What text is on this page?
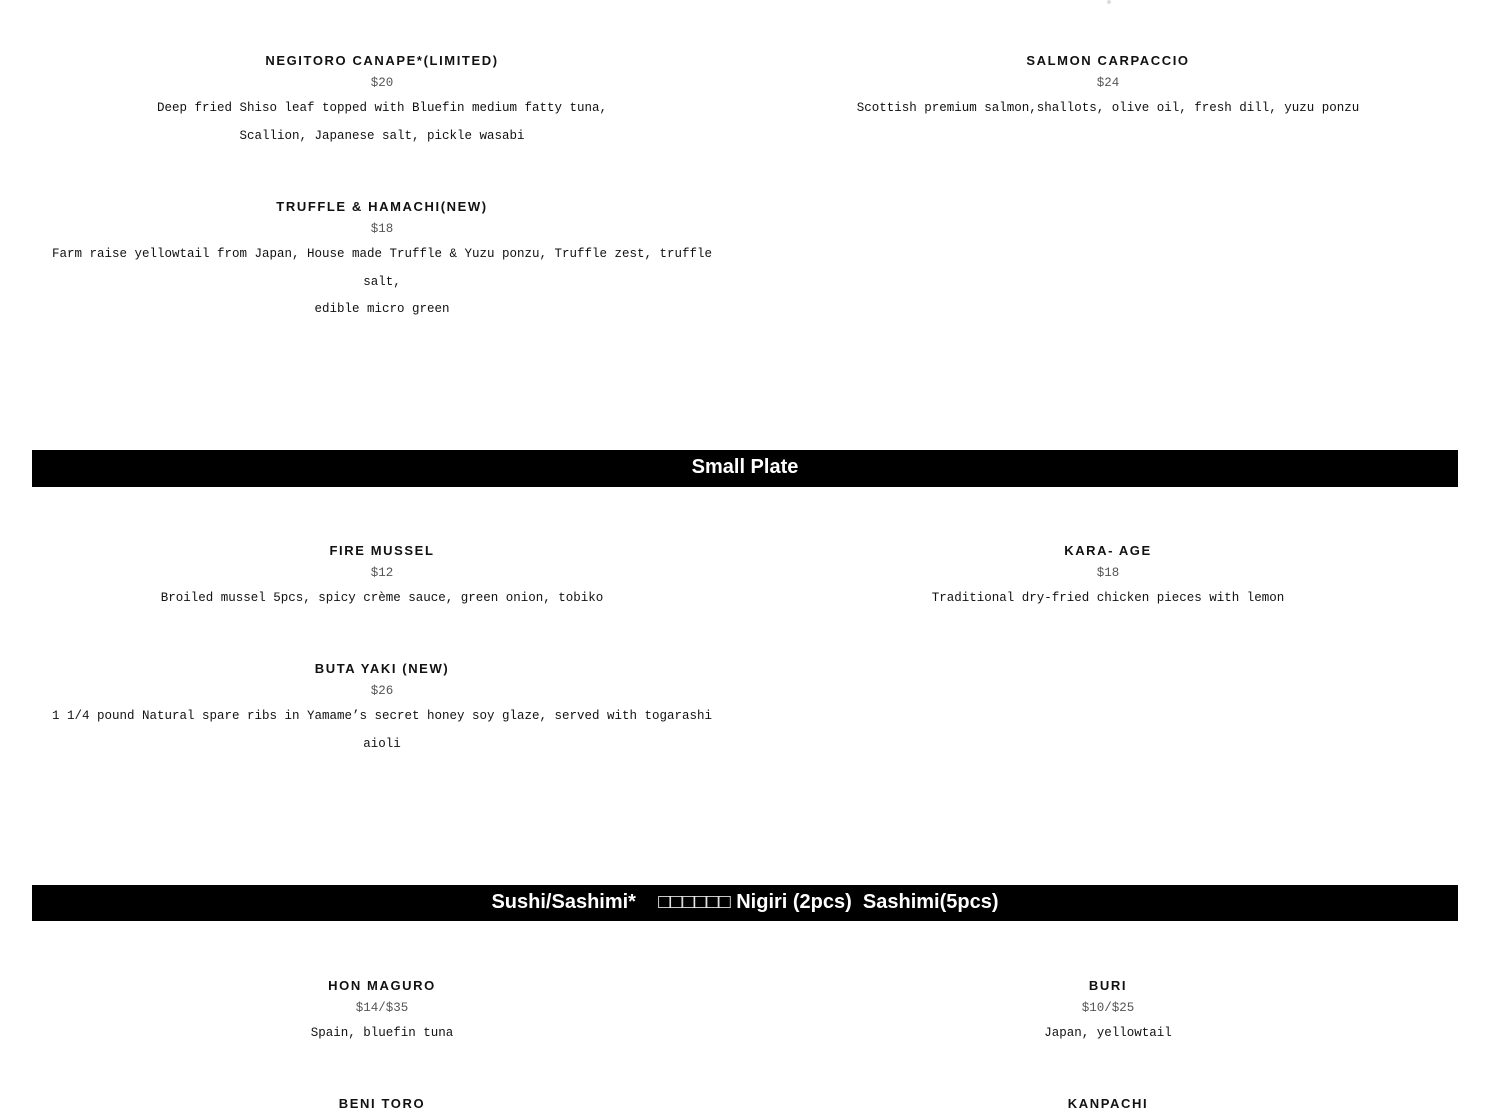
NEGITORO CANAPE*(LIMITED)
$20
Deep fried Shiso leaf topped with Bluefin medium fatty tuna,
Scallion, Japanese salt, pickle wasabi
SALMON CARPACCIO
$24
Scottish premium salmon,shallots, olive oil, fresh dill, yuzu ponzu
TRUFFLE & HAMACHI(NEW)
$18
Farm raise yellowtail from Japan, House made Truffle & Yuzu ponzu, Truffle zest, truffle salt,
edible micro green
Small Plate
FIRE MUSSEL
$12
Broiled mussel 5pcs, spicy crème sauce, green onion, tobiko
KARA- AGE
$18
Traditional dry-fried chicken pieces with lemon
BUTA YAKI (NEW)
$26
1 1/4 pound Natural spare ribs in Yamame’s secret honey soy glaze, served with togarashi aioli
Sushi/Sashimi*    □□□□□□ Nigiri (2pcs)  Sashimi(5pcs)
HON MAGURO
$14/$35
Spain, bluefin tuna
BURI
$10/$25
Japan, yellowtail
BENI TORO	KANPACHI
